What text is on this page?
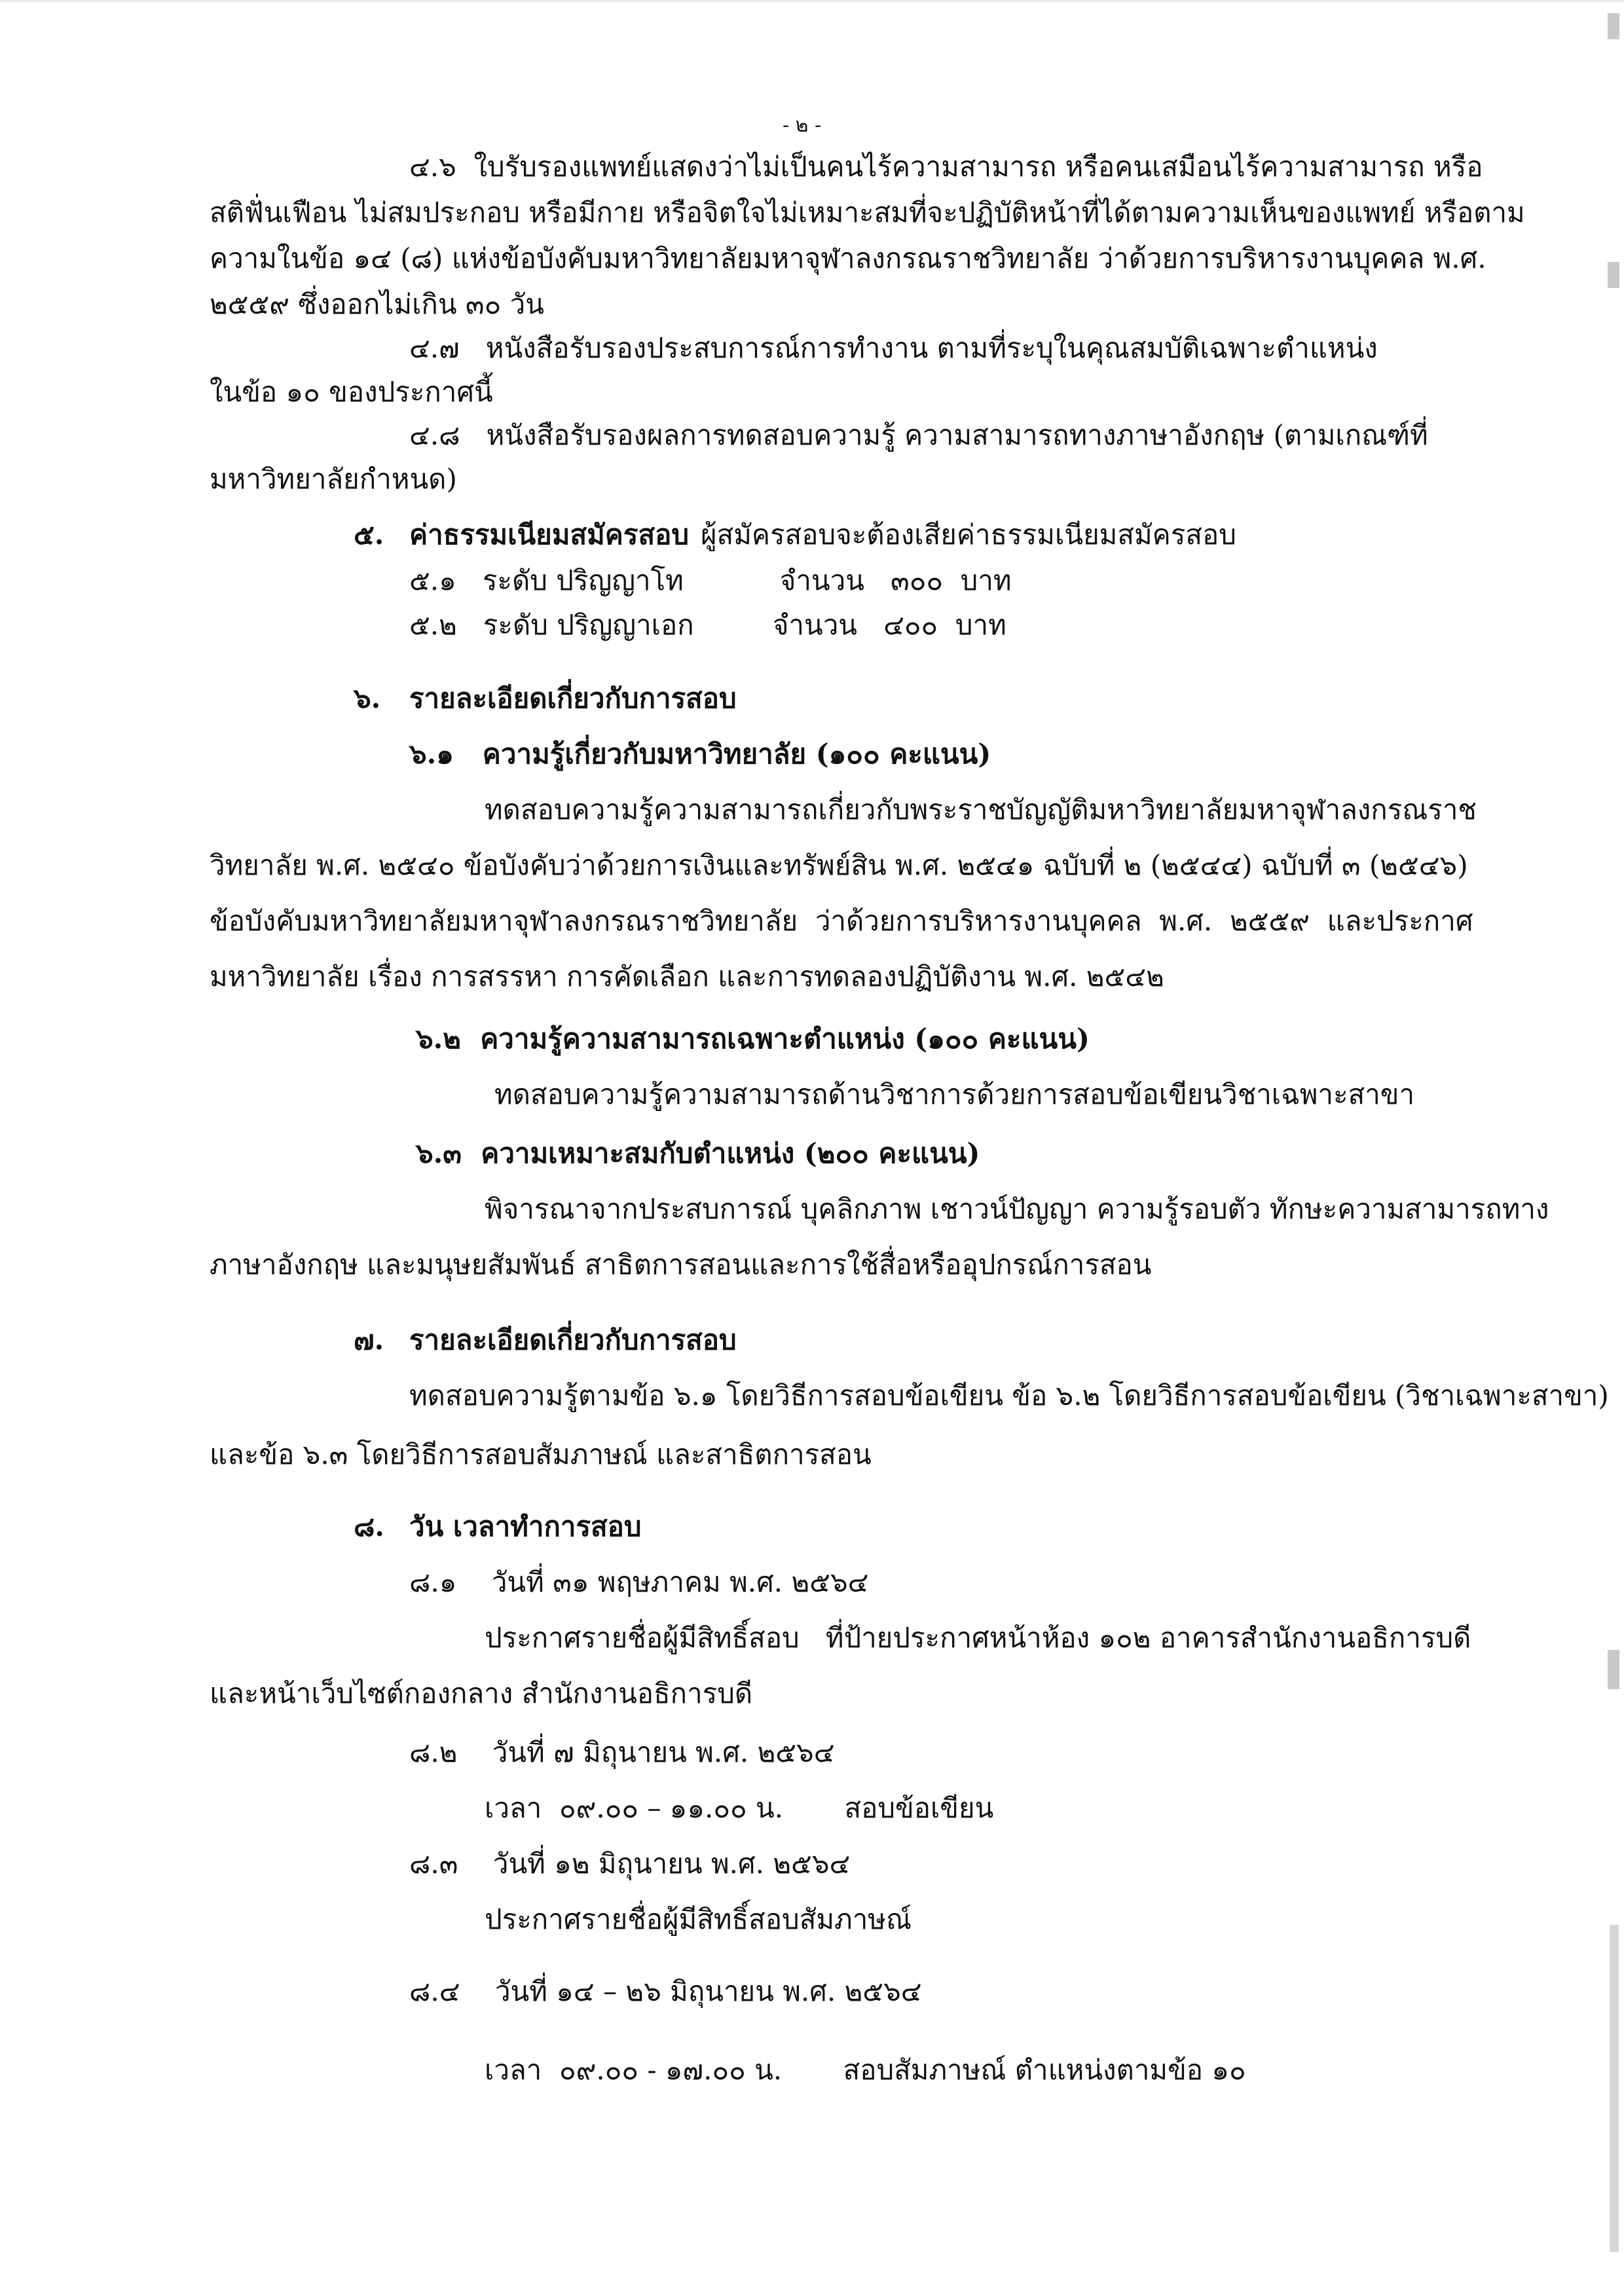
- ๒ -
๔.๖  ใบรับรองแพทย์แสดงว่าไม่เป็นคนไร้ความสามารถ หรือคนเสมือนไร้ความสามารถ หรือ
สติฟั่นเฟือน ไม่สมประกอบ หรือมีกาย หรือจิตใจไม่เหมาะสมที่จะปฏิบัติหน้าที่ได้ตามความเห็นของแพทย์ หรือตาม
ความในข้อ ๑๔ (๘) แห่งข้อบังคับมหาวิทยาลัยมหาจุฬาลงกรณราชวิทยาลัย ว่าด้วยการบริหารงานบุคคล พ.ศ.
๒๕๕๙ ซึ่งออกไม่เกิน ๓๐ วัน
๔.๗   หนังสือรับรองประสบการณ์การทำงาน ตามที่ระบุในคุณสมบัติเฉพาะตำแหน่ง
ในข้อ ๑๐ ของประกาศนี้
๔.๘   หนังสือรับรองผลการทดสอบความรู้ ความสามารถทางภาษาอังกฤษ (ตามเกณฑ์ที่
มหาวิทยาลัยกำหนด)
๕. ค่าธรรมเนียมสมัครสอบ ผู้สมัครสอบจะต้องเสียค่าธรรมเนียมสมัครสอบ
๕.๑   ระดับ ปริญญาโท           จำนวน   ๓๐๐  บาท
๕.๒   ระดับ ปริญญาเอก         จำนวน   ๔๐๐  บาท
๖. รายละเอียดเกี่ยวกับการสอบ
๖.๑   ความรู้เกี่ยวกับมหาวิทยาลัย (๑๐๐ คะแนน)
ทดสอบความรู้ความสามารถเกี่ยวกับพระราชบัญญัติมหาวิทยาลัยมหาจุฬาลงกรณราช
วิทยาลัย พ.ศ. ๒๕๔๐ ข้อบังคับว่าด้วยการเงินและทรัพย์สิน พ.ศ. ๒๕๔๑ ฉบับที่ ๒ (๒๕๔๔) ฉบับที่ ๓ (๒๕๔๖)
ข้อบังคับมหาวิทยาลัยมหาจุฬาลงกรณราชวิทยาลัย  ว่าด้วยการบริหารงานบุคคล  พ.ศ.  ๒๕๕๙  และประกาศ
มหาวิทยาลัย เรื่อง การสรรหา การคัดเลือก และการทดลองปฏิบัติงาน พ.ศ. ๒๕๔๒
๖.๒  ความรู้ความสามารถเฉพาะตำแหน่ง (๑๐๐ คะแนน)
ทดสอบความรู้ความสามารถด้านวิชาการด้วยการสอบข้อเขียนวิชาเฉพาะสาขา
๖.๓  ความเหมาะสมกับตำแหน่ง (๒๐๐ คะแนน)
พิจารณาจากประสบการณ์ บุคลิกภาพ เชาวน์ปัญญา ความรู้รอบตัว ทักษะความสามารถทาง
ภาษาอังกฤษ และมนุษยสัมพันธ์ สาธิตการสอนและการใช้สื่อหรืออุปกรณ์การสอน
๗. รายละเอียดเกี่ยวกับการสอบ
ทดสอบความรู้ตามข้อ ๖.๑ โดยวิธีการสอบข้อเขียน ข้อ ๖.๒ โดยวิธีการสอบข้อเขียน (วิชาเฉพาะสาขา)
และข้อ ๖.๓ โดยวิธีการสอบสัมภาษณ์ และสาธิตการสอน
๘. วัน เวลาทำการสอบ
๘.๑    วันที่ ๓๑ พฤษภาคม พ.ศ. ๒๕๖๔
ประกาศรายชื่อผู้มีสิทธิ์สอบ   ที่ป้ายประกาศหน้าห้อง ๑๐๒ อาคารสำนักงานอธิการบดี
และหน้าเว็บไซต์กองกลาง สำนักงานอธิการบดี
๘.๒    วันที่ ๗ มิถุนายน พ.ศ. ๒๕๖๔
เวลา  ๐๙.๐๐ – ๑๑.๐๐ น.       สอบข้อเขียน
๘.๓    วันที่ ๑๒ มิถุนายน พ.ศ. ๒๕๖๔
ประกาศรายชื่อผู้มีสิทธิ์สอบสัมภาษณ์
๘.๔    วันที่ ๑๔ – ๒๖ มิถุนายน พ.ศ. ๒๕๖๔
เวลา  ๐๙.๐๐ - ๑๗.๐๐ น.       สอบสัมภาษณ์ ตำแหน่งตามข้อ ๑๐
